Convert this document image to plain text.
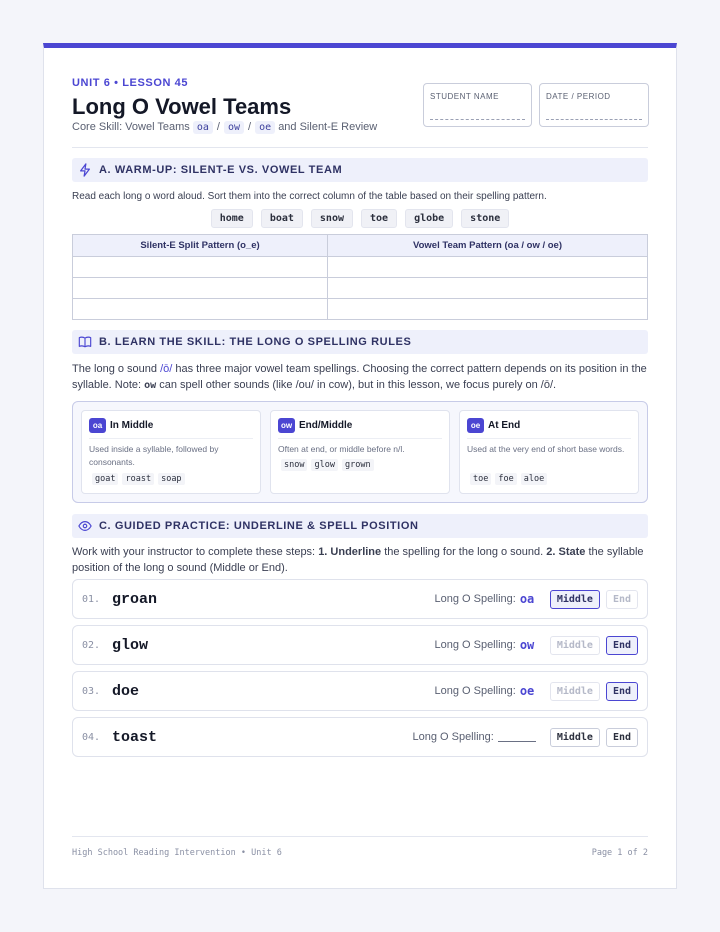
UNIT 6 • LESSON 45
Long O Vowel Teams
Core Skill: Vowel Teams oa / ow / oe and Silent-E Review
STUDENT NAME	DATE / PERIOD
A. WARM-UP: SILENT-E VS. VOWEL TEAM
Read each long o word aloud. Sort them into the correct column of the table based on their spelling pattern.
home	boat	snow	toe	globe	stone
Silent-E Split Pattern (o_e)	Vowel Team Pattern (oa / ow / oe)

B. LEARN THE SKILL: THE LONG O SPELLING RULES
The long o sound /ō/ has three major vowel team spellings. Choosing the correct pattern depends on its position in the syllable. Note: ow can spell other sounds (like /ou/ in cow), but in this lesson, we focus purely on /ō/.
oa In Middle
Used inside a syllable, followed by consonants.
goat	roast	soap
ow End/Middle
Often at end, or middle before n/l.
snow	glow	grown
oe At End
Used at the very end of short base words.
toe	foe	aloe
C. GUIDED PRACTICE: UNDERLINE & SPELL POSITION
Work with your instructor to complete these steps: 1. Underline the spelling for the long o sound. 2. State the syllable position of the long o sound (Middle or End).
01. groan	Long O Spelling: oa	Middle	End
02. glow	Long O Spelling: ow	Middle	End
03. doe	Long O Spelling: oe	Middle	End
04. toast	Long O Spelling:	Middle	End
High School Reading Intervention • Unit 6	Page 1 of 2
